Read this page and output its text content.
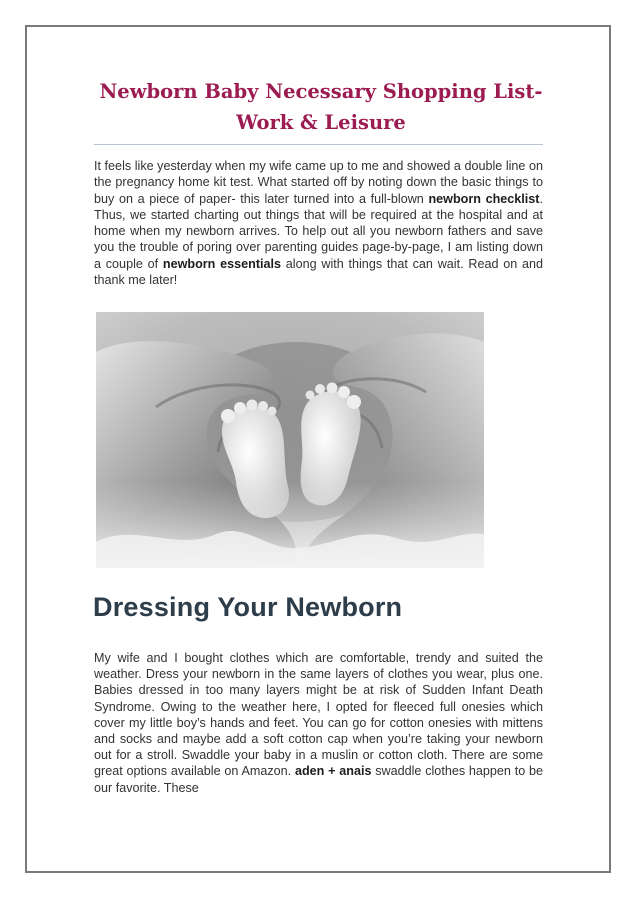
Newborn Baby Necessary Shopping List-
Work & Leisure

It feels like yesterday when my wife came up to me and showed a double line on the pregnancy home kit test. What started off by noting down the basic things to buy on a piece of paper- this later turned into a full-blown newborn checklist. Thus, we started charting out things that will be required at the hospital and at home when my newborn arrives. To help out all you newborn fathers and save you the trouble of poring over parenting guides page-by-page, I am listing down a couple of newborn essentials along with things that can wait. Read on and thank me later!

Dressing Your Newborn

My wife and I bought clothes which are comfortable, trendy and suited the weather. Dress your newborn in the same layers of clothes you wear, plus one. Babies dressed in too many layers might be at risk of Sudden Infant Death Syndrome. Owing to the weather here, I opted for fleeced full onesies which cover my little boy’s hands and feet. You can go for cotton onesies with mittens and socks and maybe add a soft cotton cap when you’re taking your newborn out for a stroll. Swaddle your baby in a muslin or cotton cloth. There are some great options available on Amazon. aden + anais swaddle clothes happen to be our favorite. These
